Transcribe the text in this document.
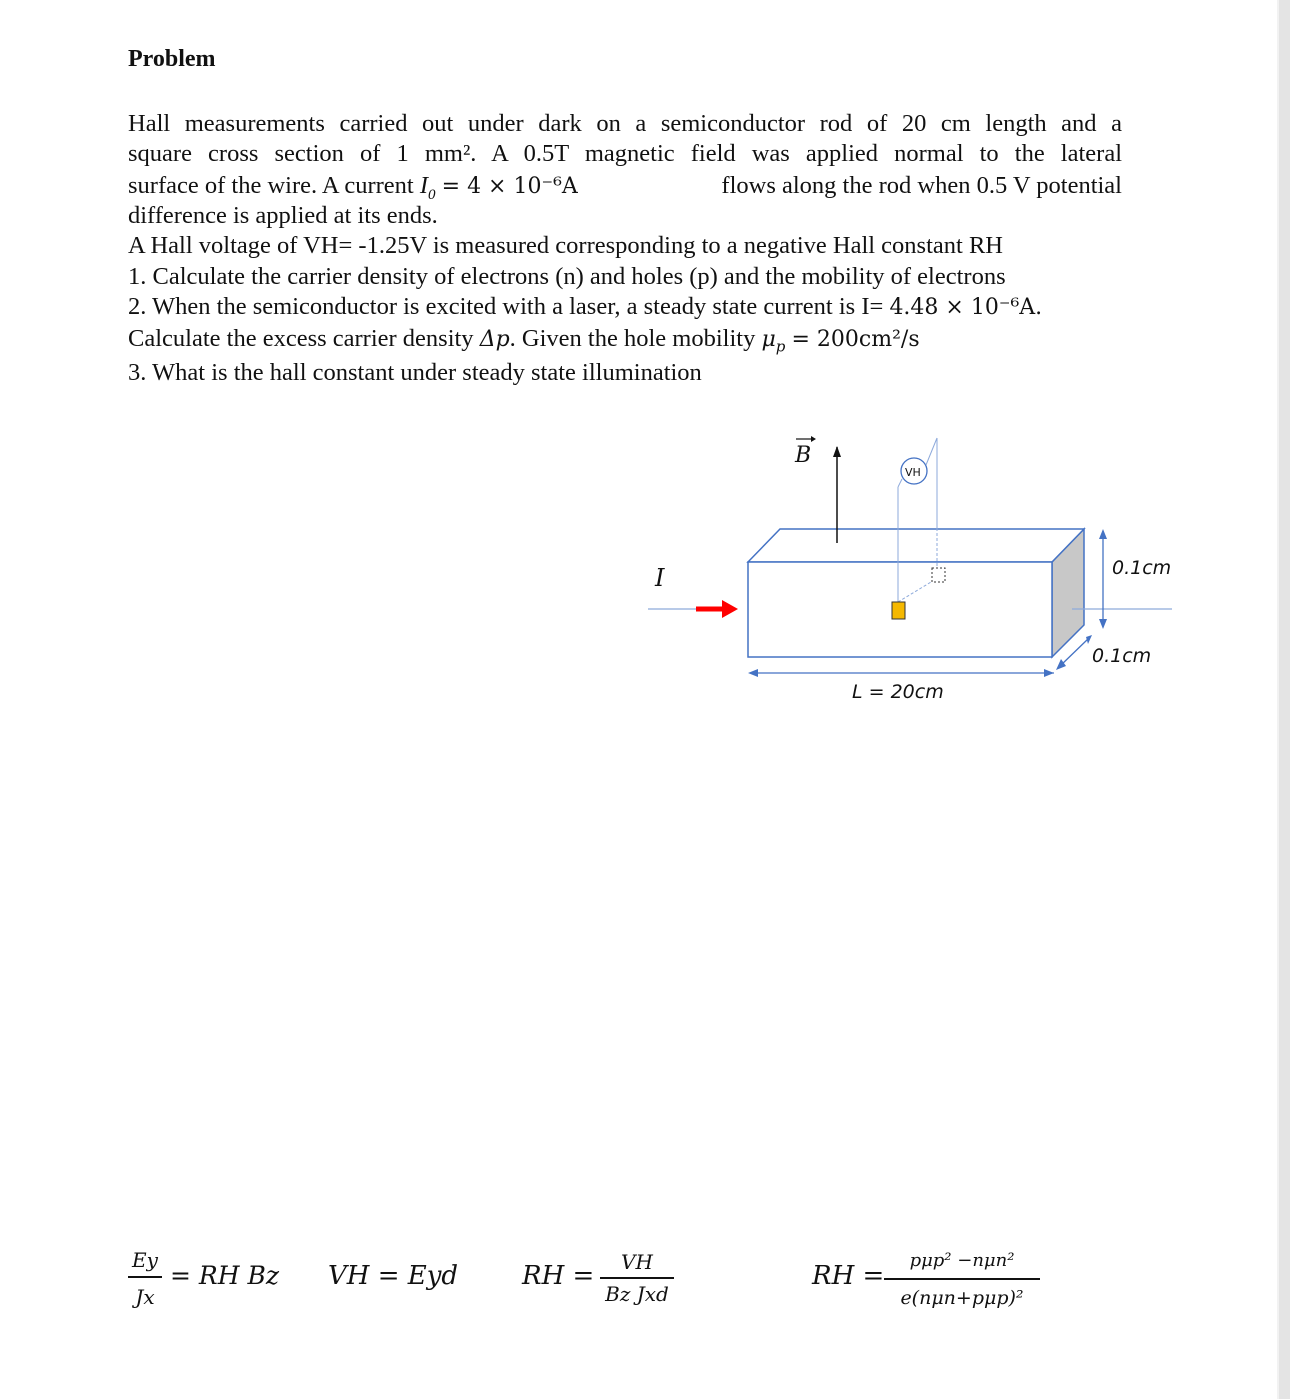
Problem
Hall measurements carried out under dark on a semiconductor rod of 20 cm length and a
square cross section of 1 mm². A 0.5T magnetic field was applied normal to the lateral
surface of the wire. A current $I_0 = 4 \times 10^{-6}A$	flows along the rod when 0.5 V potential
difference is applied at its ends.
A Hall voltage of VH= -1.25V is measured corresponding to a negative Hall constant RH
1. Calculate the carrier density of electrons (n) and holes (p) and the mobility of electrons
2. When the semiconductor is excited with a laser, a steady state current is I= 4.48 × 10⁻⁶A.
Calculate the excess carrier density Δp. Given the hole mobility $\mu_p = 200cm^2/s$
3. What is the hall constant under steady state illumination
I
B
VH
L = 20cm
0.1cm
0.1cm
Ey
Jx
= RH Bz VH = Eyd RH =	VH
Bz Jxd
RH =
pμp² −nμn²
e(nμn+pμp)²
